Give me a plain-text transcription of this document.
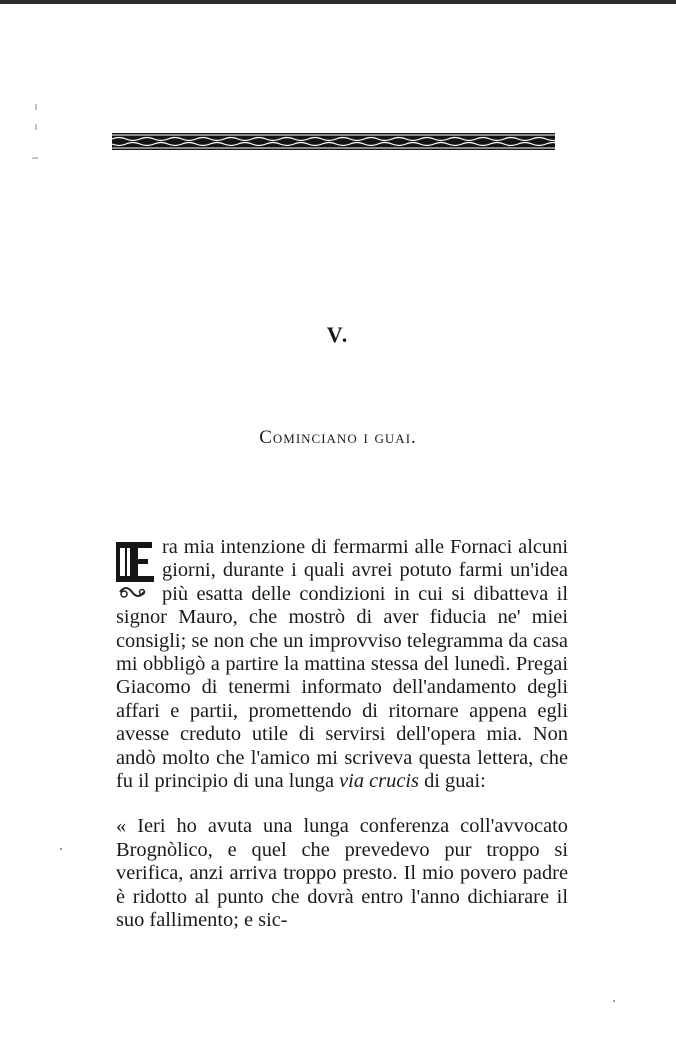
V.
Cominciano i guai.

ra mia intenzione di fermarmi alle Fornaci alcuni giorni, durante i quali avrei potuto farmi un'idea più esatta delle condizioni in cui si dibatteva il signor Mauro, che mostrò di aver fiducia ne' miei consigli; se non che un improvviso telegramma da casa mi obbligò a partire la mattina stessa del lunedì. Pregai Giacomo di tenermi informato dell'andamento degli affari e partii, promettendo di ritornare appena egli avesse creduto utile di servirsi dell'opera mia. Non andò molto che l'amico mi scriveva questa lettera, che fu il principio di una lunga via crucis di guai:

« Ieri ho avuta una lunga conferenza coll'avvocato Brognòlico, e quel che prevedevo pur troppo si verifica, anzi arriva troppo presto. Il mio povero padre è ridotto al punto che dovrà entro l'anno dichiarare il suo fallimento; e sic-
